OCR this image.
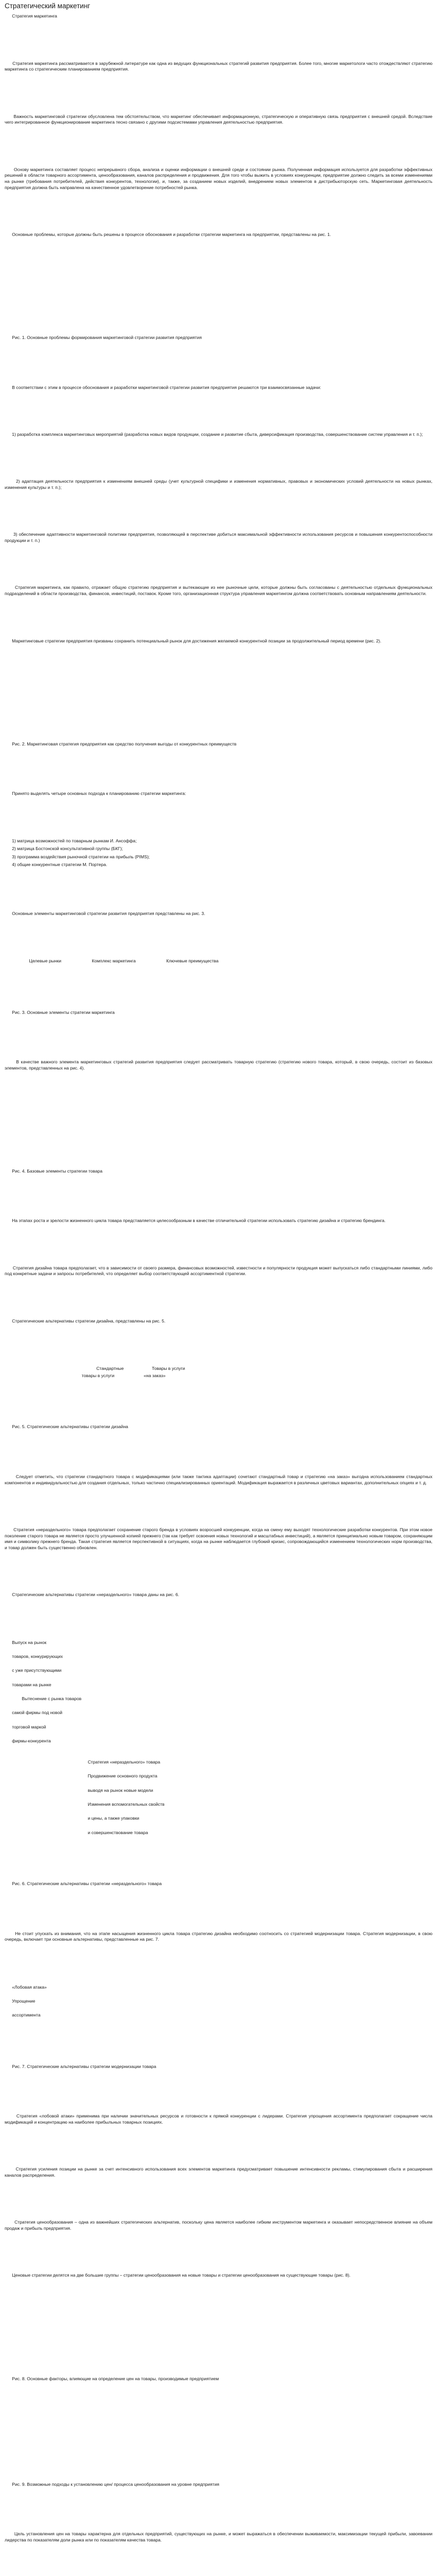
Стратегический маркетинг

Стратегия маркетинга

Стратегия маркетинга рассматривается в зарубежной литературе как одна из ведущих функциональных стратегий развития предприятия. Более того, многие маркетологи часто отождествляют стратегию маркетинга со стратегическим планированием предприятия.

Важность маркетинговой стратегии обусловлена тем обстоятельством, что маркетинг обеспечивает информационную, стратегическую и оперативную связь предприятия с внешней средой. Вследствие чего интегрированное функционирование маркетинга тесно связано с другими подсистемами управления деятельностью предприятия.

Основу маркетинга составляет процесс непрерывного сбора, анализа и оценки информации о внешней среде и состоянии рынка. Полученная информация используется для разработки эффективных решений в области товарного ассортимента, ценообразования, каналов распределения и продвижения. Для того чтобы выжить в условиях конкуренции, предприятие должно следить за всеми изменениями на рынке (требования потребителей, действия конкурентов, технологии), и, также, за созданием новых изделий, внедрением новых элементов в дистрибьюторскую сеть. Маркетинговая деятельность предприятия должна быть направлена на качественное удовлетворение потребностей рынка.

Основные проблемы, которые должны быть решены в процессе обоснования и разработки стратегии маркетинга на предприятии, представлены на рис. 1.

Рис. 1. Основные проблемы формирования маркетинговой стратегии развития предприятия

В соответствии с этим в процессе обоснования и разработки маркетинговой стратегии развития предприятия решаются три взаимосвязанные задачи:

1) разработка комплекса маркетинговых мероприятий (разработка новых видов продукции, создание и развитие сбыта, диверсификация производства, совершенствование систем управления и т. п.);

2) адаптация деятельности предприятия к изменениям внешней среды (учет культурной специфики и изменения нормативных, правовых и экономических условий деятельности на новых рынках, изменения культуры и т. п.);

3) обеспечение адаптивности маркетинговой политики предприятия, позволяющей в перспективе добиться максимальной эффективности использования ресурсов и повышения конкурентоспособности продукции и т. п.)

Стратегия маркетинга, как правило, отражает общую стратегию предприятия и вытекающие из нее рыночные цели, которые должны быть согласованы с деятельностью отдельных функциональных подразделений в области производства, финансов, инвестиций, поставок. Кроме того, организационная структура управления маркетингом должна соответствовать основным направлениям деятельности.

Маркетинговые стратегии предприятия призваны сохранить потенциальный рынок для достижения желаемой конкурентной позиции за продолжительный период времени (рис. 2).

Рис. 2. Маркетинговая стратегия предприятия как средство получения выгоды от конкурентных преимуществ

Принято выделять четыре основных подхода к планированию стратегии маркетинга:

1) матрица возможностей по товарным рынкам И. Ансоффа;
2) матрица Бостонской консультативной группы (БКГ);
3) программа воздействия рыночной стратегии на прибыль (PIMS);
4) общие конкурентные стратегии М. Портера.

Основные элементы маркетинговой стратегии развития предприятия представлены на рис. 3.

Целевые рынки                         Комплекс маркетинга                         Ключевые преимущества
Рис. 3. Основные элементы стратегии маркетинга

В качестве важного элемента маркетинговых стратегий развития предприятия следует рассматривать товарную стратегию (стратегию нового товара, который, в свою очередь, состоит из базовых элементов, представленных на рис. 4).

Рис. 4. Базовые элементы стратегии товара

На этапах роста и зрелости жизненного цикла товара представляется целесообразным в качестве отличительной стратегии использовать стратегию дизайна и стратегию брендинга.

Стратегия дизайна товара предполагает, что в зависимости от своего размера, финансовых возможностей, известности и популярности продукция может выпускаться либо стандартными линиями, либо под конкретные задачи и запросы потребителей, что определяет выбор соответствующей ассортиментной стратегии.

Стратегические альтернативы стратегии дизайна, представлены на рис. 5.

Стандартные                       Товары в услуги
товары в услуги                        «на заказ»
Рис. 5. Стратегические альтернативы стратегии дизайна

Следует отметить, что стратегии стандартного товара с модификациями (или также тактика адаптации) сочетают стандартный товар и стратегию «на заказ» выгодна использованием стандартных компонентов и индивидуальностью для создания отдельных, только частично специализированных ориентаций. Модификация выражается в различных цветовых вариантах, дополнительных опциях и т. д.

Стратегия «нераздельного» товара предполагает сохранение старого бренда в условиях возросшей конкуренции, когда на смену ему выходят технологические разработки конкурентов. При этом новое поколение старого товара не является просто улучшенной копией прежнего (так как требует освоения новых технологий и масштабных инвестиций), а является принципиально новым товаром, сохраняющим имя и символику прежнего бренда. Такая стратегия является перспективной в ситуациях, когда на рынке наблюдается глубокий кризис, сопровождающийся изменением технологических норм производства, и товар должен быть существенно обновлен.

Стратегические альтернативы стратегии «нераздельного» товара даны на рис. 6.

Выпуск на рынок

товаров, конкурирующих

с уже присутствующими

товарами на рынке

Вытеснение с рынка товаров

самой фирмы под новой

торговой маркой

фирмы-конкурента

Стратегия «нераздельного» товара

Продвижение основного продукта

выводя на рынок новые модели

Изменения вспомогательных свойств

и цены, а также упаковки

и совершенствование товара
Рис. 6. Стратегические альтернативы стратегии «нераздельного» товара

Не стоит упускать из внимания, что на этапе насыщения жизненного цикла товара стратегию дизайна необходимо соотносить со стратегией модернизации товара. Стратегия модернизации, в свою очередь, включает три основные альтернативы, представленные на рис. 7.

«Лобовая атака»

Упрощение

ассортимента
Рис. 7. Стратегические альтернативы стратегии модернизации товара

Стратегия «лобовой атаки» применима при наличии значительных ресурсов и готовности к прямой конкуренции с лидерами. Стратегия упрощения ассортимента предполагает сокращение числа модификаций и концентрацию на наиболее прибыльных товарных позициях.

Стратегия усиления позиции на рынке за счет интенсивного использования всех элементов маркетинга предусматривает повышение интенсивности рекламы, стимулирования сбыта и расширения каналов распределения.

Стратегия ценообразования – одна из важнейших стратегических альтернатив, поскольку цена является наиболее гибким инструментом маркетинга и оказывает непосредственное влияние на объем продаж и прибыль предприятия.

Ценовые стратегии делятся на две большие группы – стратегии ценообразования на новые товары и стратегии ценообразования на существующие товары (рис. 8).

Рис. 8. Основные факторы, влияющие на определение цен на товары, производимые предприятием
Рис. 9. Возможные подходы к установлению цен/ процесса ценообразования на уровне предприятия

Цель установления цен на товары характерна для отдельных предприятий, существующих на рынке, и может выражаться в обеспечении выживаемости, максимизации текущей прибыли, завоевании лидерства по показателям доли рынка или по показателям качества товара.
